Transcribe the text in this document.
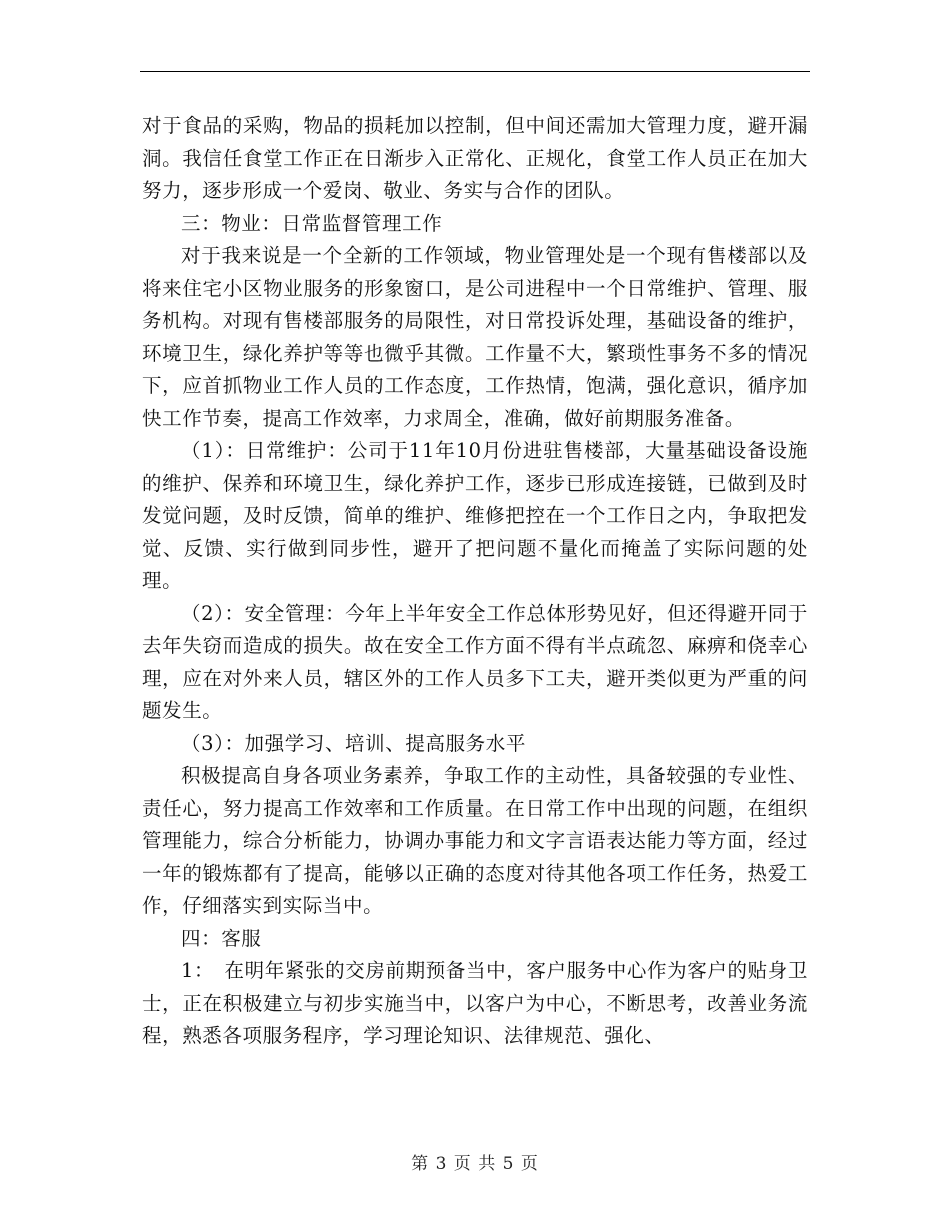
对于食品的采购，物品的损耗加以控制，但中间还需加大管理力度，避开漏洞。我信任食堂工作正在日渐步入正常化、正规化，食堂工作人员正在加大努力，逐步形成一个爱岗、敬业、务实与合作的团队。

三：物业：日常监督管理工作

对于我来说是一个全新的工作领域，物业管理处是一个现有售楼部以及将来住宅小区物业服务的形象窗口，是公司进程中一个日常维护、管理、服务机构。对现有售楼部服务的局限性，对日常投诉处理，基础设备的维护，环境卫生，绿化养护等等也微乎其微。工作量不大，繁琐性事务不多的情况下，应首抓物业工作人员的工作态度，工作热情，饱满，强化意识，循序加快工作节奏，提高工作效率，力求周全，准确，做好前期服务准备。

（1）：日常维护：公司于11年10月份进驻售楼部，大量基础设备设施的维护、保养和环境卫生，绿化养护工作，逐步已形成连接链，已做到及时发觉问题，及时反馈，简单的维护、维修把控在一个工作日之内，争取把发觉、反馈、实行做到同步性，避开了把问题不量化而掩盖了实际问题的处理。

（2）：安全管理：今年上半年安全工作总体形势见好，但还得避开同于去年失窃而造成的损失。故在安全工作方面不得有半点疏忽、麻痹和侥幸心理，应在对外来人员，辖区外的工作人员多下工夫，避开类似更为严重的问题发生。

（3）：加强学习、培训、提高服务水平

积极提高自身各项业务素养，争取工作的主动性，具备较强的专业性、责任心，努力提高工作效率和工作质量。在日常工作中出现的问题，在组织管理能力，综合分析能力，协调办事能力和文字言语表达能力等方面，经过一年的锻炼都有了提高，能够以正确的态度对待其他各项工作任务，热爱工作，仔细落实到实际当中。

四：客服

1：　在明年紧张的交房前期预备当中，客户服务中心作为客户的贴身卫士，正在积极建立与初步实施当中，以客户为中心，不断思考，改善业务流程，熟悉各项服务程序，学习理论知识、法律规范、强化、

第 3 页 共 5 页
